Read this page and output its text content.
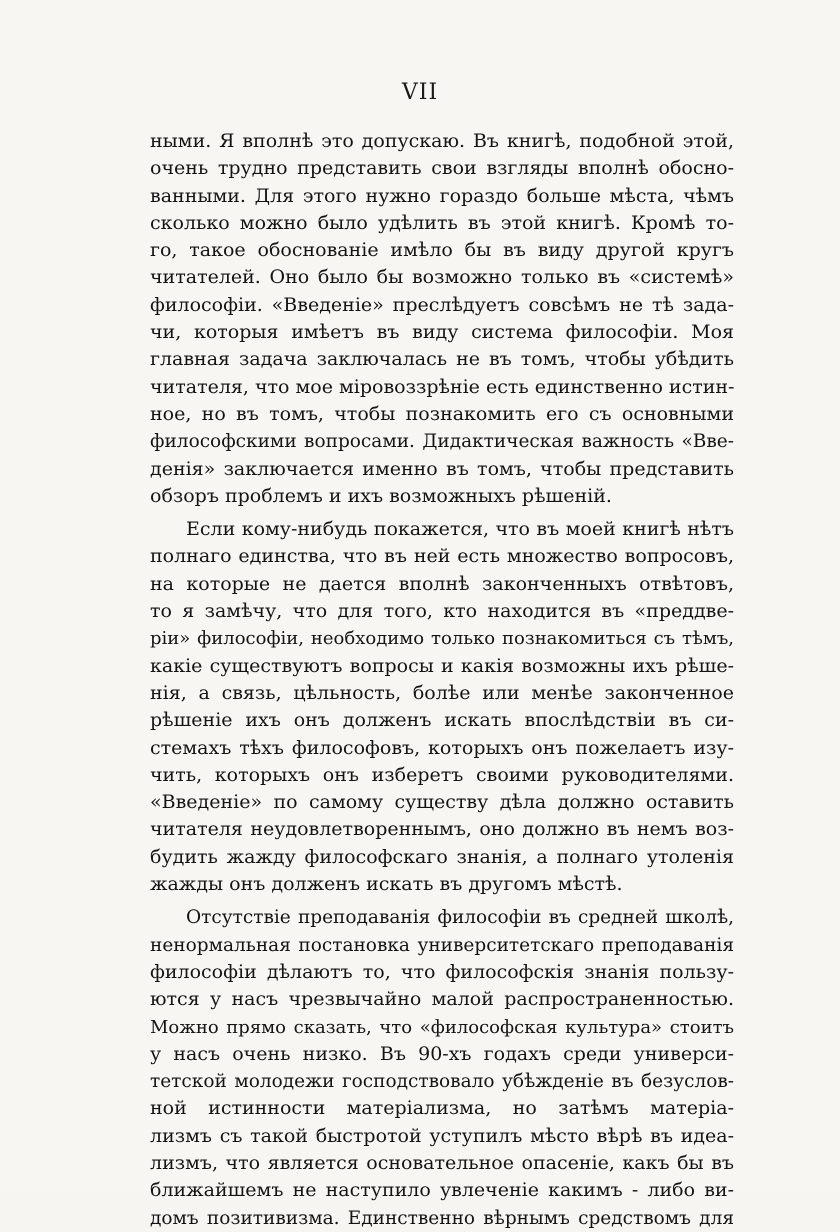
VII
ными. Я вполнѣ это допускаю. Въ книгѣ, подобной этой,
очень трудно представить свои взгляды вполнѣ обосно-
ванными. Для этого нужно гораздо больше мѣста, чѣмъ
сколько можно было удѣлить въ этой книгѣ. Кромѣ то-
го, такое обоснованіе имѣло бы въ виду другой кругъ
читателей. Оно было бы возможно только въ «системѣ»
философіи. «Введеніе» преслѣдуетъ совсѣмъ не тѣ зада-
чи, которыя имѣетъ въ виду система философіи. Моя
главная задача заключалась не въ томъ, чтобы убѣдить
читателя, что мое міровоззрѣніе есть единственно истин-
ное, но въ томъ, чтобы познакомить его съ основными
философскими вопросами. Дидактическая важность «Вве-
денія» заключается именно въ томъ, чтобы представить
обзоръ проблемъ и ихъ возможныхъ рѣшеній.
Если кому-нибудь покажется, что въ моей книгѣ нѣтъ
полнаго единства, что въ ней есть множество вопросовъ,
на которые не дается вполнѣ законченныхъ отвѣтовъ,
то я замѣчу, что для того, кто находится въ «преддве-
ріи» философіи, необходимо только познакомиться съ тѣмъ,
какіе существуютъ вопросы и какія возможны ихъ рѣше-
нія, а связь, цѣльность, болѣе или менѣе законченное
рѣшеніе ихъ онъ долженъ искать впослѣдствіи въ си-
стемахъ тѣхъ философовъ, которыхъ онъ пожелаетъ изу-
чить, которыхъ онъ изберетъ своими руководителями.
«Введеніе» по самому существу дѣла должно оставить
читателя неудовлетвореннымъ, оно должно въ немъ воз-
будить жажду философскаго знанія, а полнаго утоленія
жажды онъ долженъ искать въ другомъ мѣстѣ.
Отсутствіе преподаванія философіи въ средней школѣ,
ненормальная постановка университетскаго преподаванія
философіи дѣлаютъ то, что философскія знанія пользу-
ются у насъ чрезвычайно малой распространенностью.
Можно прямо сказать, что «философская культура» стоитъ
у насъ очень низко. Въ 90-хъ годахъ среди универси-
тетской молодежи господствовало убѣжденіе въ безуслов-
ной истинности матеріализма, но затѣмъ матеріа-
лизмъ съ такой быстротой уступилъ мѣсто вѣрѣ въ идеа-
лизмъ, что является основательное опасеніе, какъ бы въ
ближайшемъ не наступило увлеченіе какимъ - либо ви-
домъ позитивизма. Единственно вѣрнымъ средствомъ для
